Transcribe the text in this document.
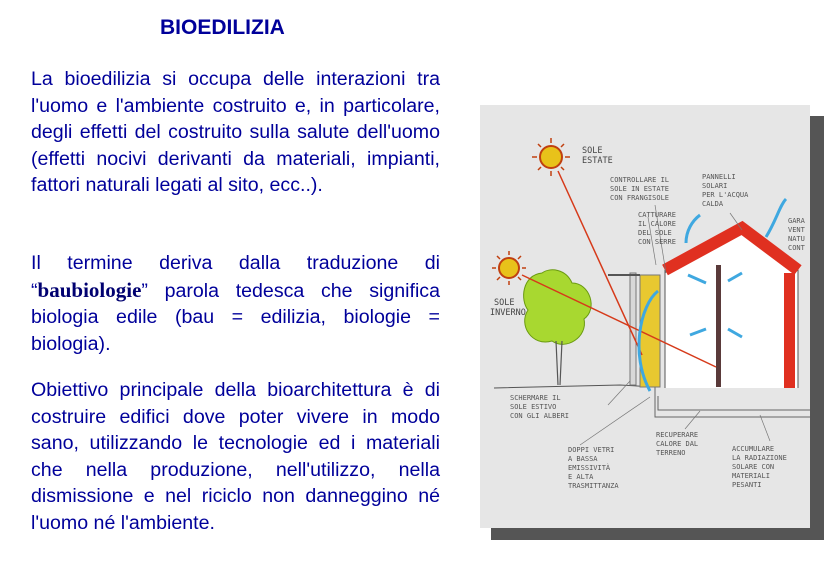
BIOEDILIZIA
La bioedilizia si occupa delle interazioni tra l'uomo e l'ambiente costruito e, in particolare, degli effetti del costruito sulla salute dell'uomo (effetti nocivi derivanti da materiali, impianti, fattori naturali legati al sito, ecc..).
Il termine deriva dalla traduzione di “baubiologie” parola tedesca che significa biologia edile (bau = edilizia, biologie = biologia).
Obiettivo principale della bioarchitettura è di costruire edifici dove poter vivere in modo sano, utilizzando le tecnologie ed i materiali che nella produzione, nell'utilizzo, nella dismissione e nel riciclo non danneggino né l'uomo né l'ambiente.
SOLE
ESTATE
SOLE
INVERNO
CONTROLLARE IL
SOLE IN ESTATE
CON FRANGISOLE
PANNELLI
SOLARI
PER L'ACQUA
CALDA
CATTURARE
IL CALORE
DEL SOLE
CON SERRE
GARA
VENT
NATU
CONT
SCHERMARE IL
SOLE ESTIVO
CON GLI ALBERI
RECUPERARE
CALORE DAL
TERRENO
DOPPI VETRI
A BASSA
EMISSIVITÀ
E ALTA
TRASMITTANZA
ACCUMULARE
LA RADIAZIONE
SOLARE CON
MATERIALI
PESANTI
